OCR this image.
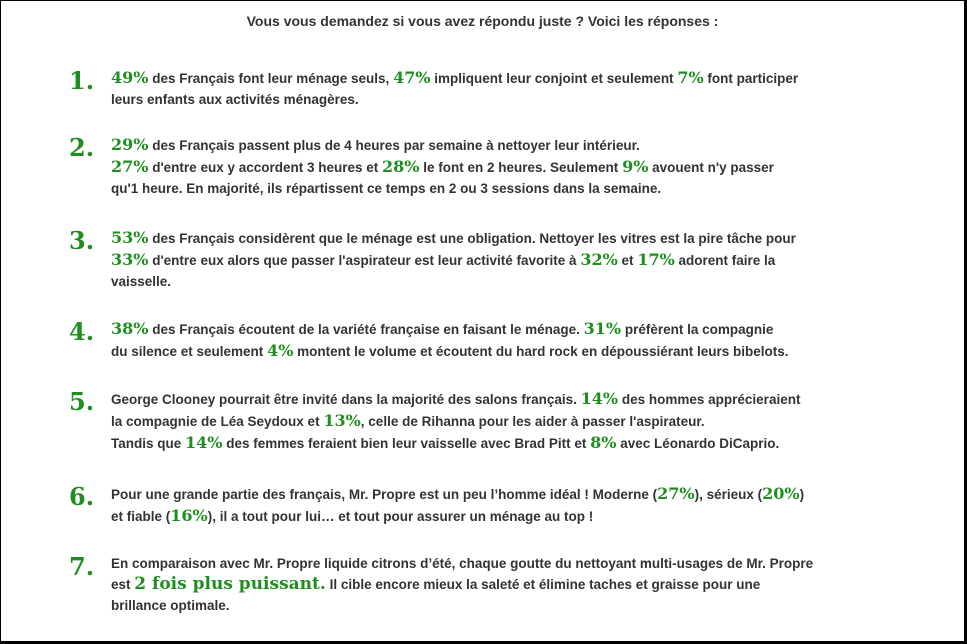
Vous vous demandez si vous avez répondu juste ? Voici les réponses :
1.	49% des Français font leur ménage seuls, 47% impliquent leur conjoint et seulement 7% font participer
leurs enfants aux activités ménagères.

2.	29% des Français passent plus de 4 heures par semaine à nettoyer leur intérieur.
27% d'entre eux y accordent 3 heures et 28% le font en 2 heures. Seulement 9% avouent n'y passer
qu'1 heure. En majorité, ils répartissent ce temps en 2 ou 3 sessions dans la semaine.

3.	53% des Français considèrent que le ménage est une obligation. Nettoyer les vitres est la pire tâche pour
33% d'entre eux alors que passer l'aspirateur est leur activité favorite à 32% et 17% adorent faire la
vaisselle.

4.	38% des Français écoutent de la variété française en faisant le ménage. 31% préfèrent la compagnie
du silence et seulement 4% montent le volume et écoutent du hard rock en dépoussiérant leurs bibelots.

5.	George Clooney pourrait être invité dans la majorité des salons français. 14% des hommes apprécieraient
la compagnie de Léa Seydoux et 13%, celle de Rihanna pour les aider à passer l'aspirateur.
Tandis que 14% des femmes feraient bien leur vaisselle avec Brad Pitt et 8% avec Léonardo DiCaprio.

6.	Pour une grande partie des français, Mr. Propre est un peu l’homme idéal ! Moderne (27%), sérieux (20%)
et fiable (16%), il a tout pour lui… et tout pour assurer un ménage au top !

7.	En comparaison avec Mr. Propre liquide citrons d’été, chaque goutte du nettoyant multi-usages de Mr. Propre
est 2 fois plus puissant. Il cible encore mieux la saleté et élimine taches et graisse pour une
brillance optimale.
